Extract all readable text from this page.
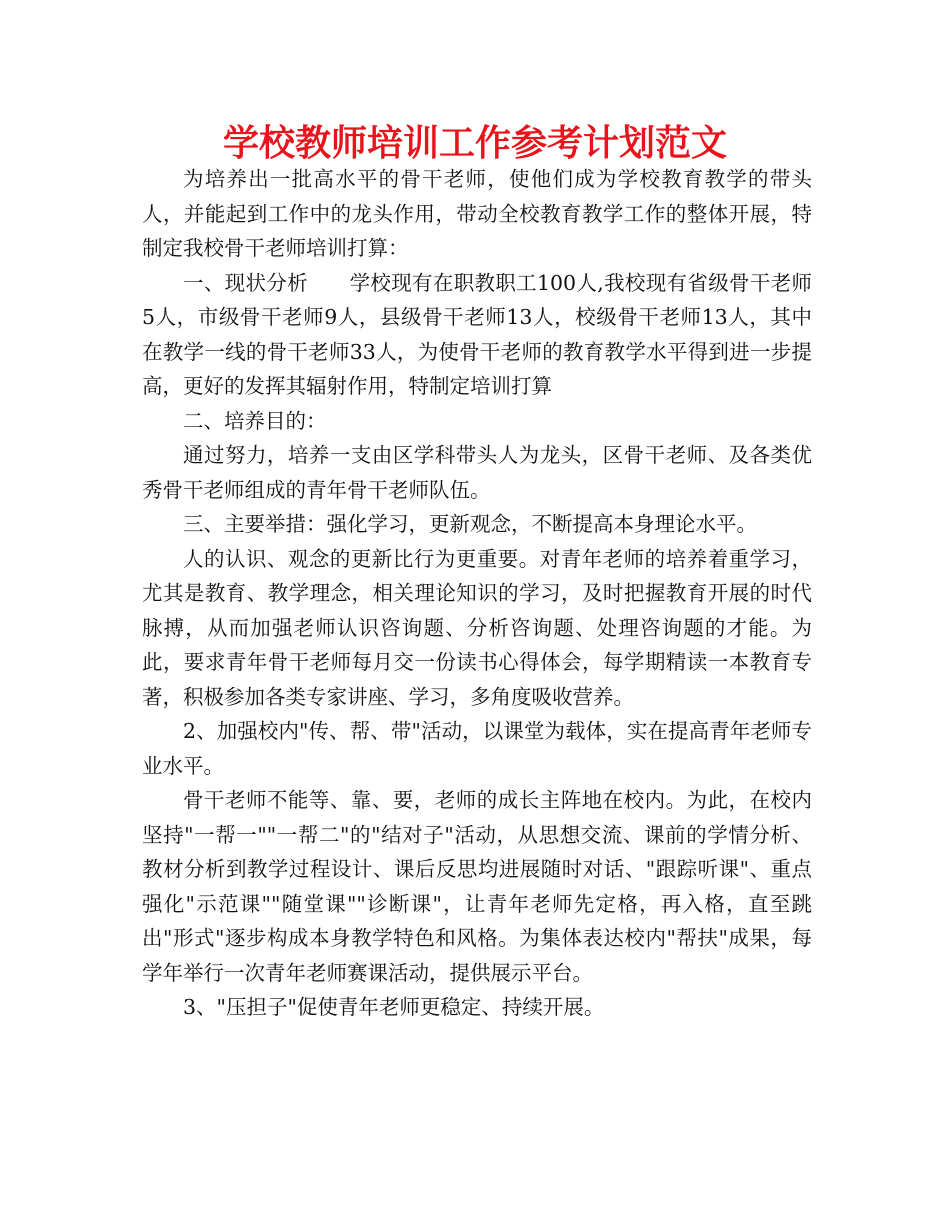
学校教师培训工作参考计划范文

为培养出一批高水平的骨干老师，使他们成为学校教育教学的带头人，并能起到工作中的龙头作用，带动全校教育教学工作的整体开展，特制定我校骨干老师培训打算：

一、现状分析　　学校现有在职教职工100人,我校现有省级骨干老师5人，市级骨干老师9人，县级骨干老师13人，校级骨干老师13人，其中在教学一线的骨干老师33人，为使骨干老师的教育教学水平得到进一步提高，更好的发挥其辐射作用，特制定培训打算

二、培养目的：

通过努力，培养一支由区学科带头人为龙头，区骨干老师、及各类优秀骨干老师组成的青年骨干老师队伍。

三、主要举措：强化学习，更新观念，不断提高本身理论水平。

人的认识、观念的更新比行为更重要。对青年老师的培养着重学习，尤其是教育、教学理念，相关理论知识的学习，及时把握教育开展的时代脉搏，从而加强老师认识咨询题、分析咨询题、处理咨询题的才能。为此，要求青年骨干老师每月交一份读书心得体会，每学期精读一本教育专著，积极参加各类专家讲座、学习，多角度吸收营养。

2、加强校内"传、帮、带"活动，以课堂为载体，实在提高青年老师专业水平。

骨干老师不能等、靠、要，老师的成长主阵地在校内。为此，在校内坚持"一帮一""一帮二"的"结对子"活动，从思想交流、课前的学情分析、教材分析到教学过程设计、课后反思均进展随时对话、"跟踪听课"、重点强化"示范课""随堂课""诊断课"，让青年老师先定格，再入格，直至跳出"形式"逐步构成本身教学特色和风格。为集体表达校内"帮扶"成果，每学年举行一次青年老师赛课活动，提供展示平台。

3、"压担子"促使青年老师更稳定、持续开展。
